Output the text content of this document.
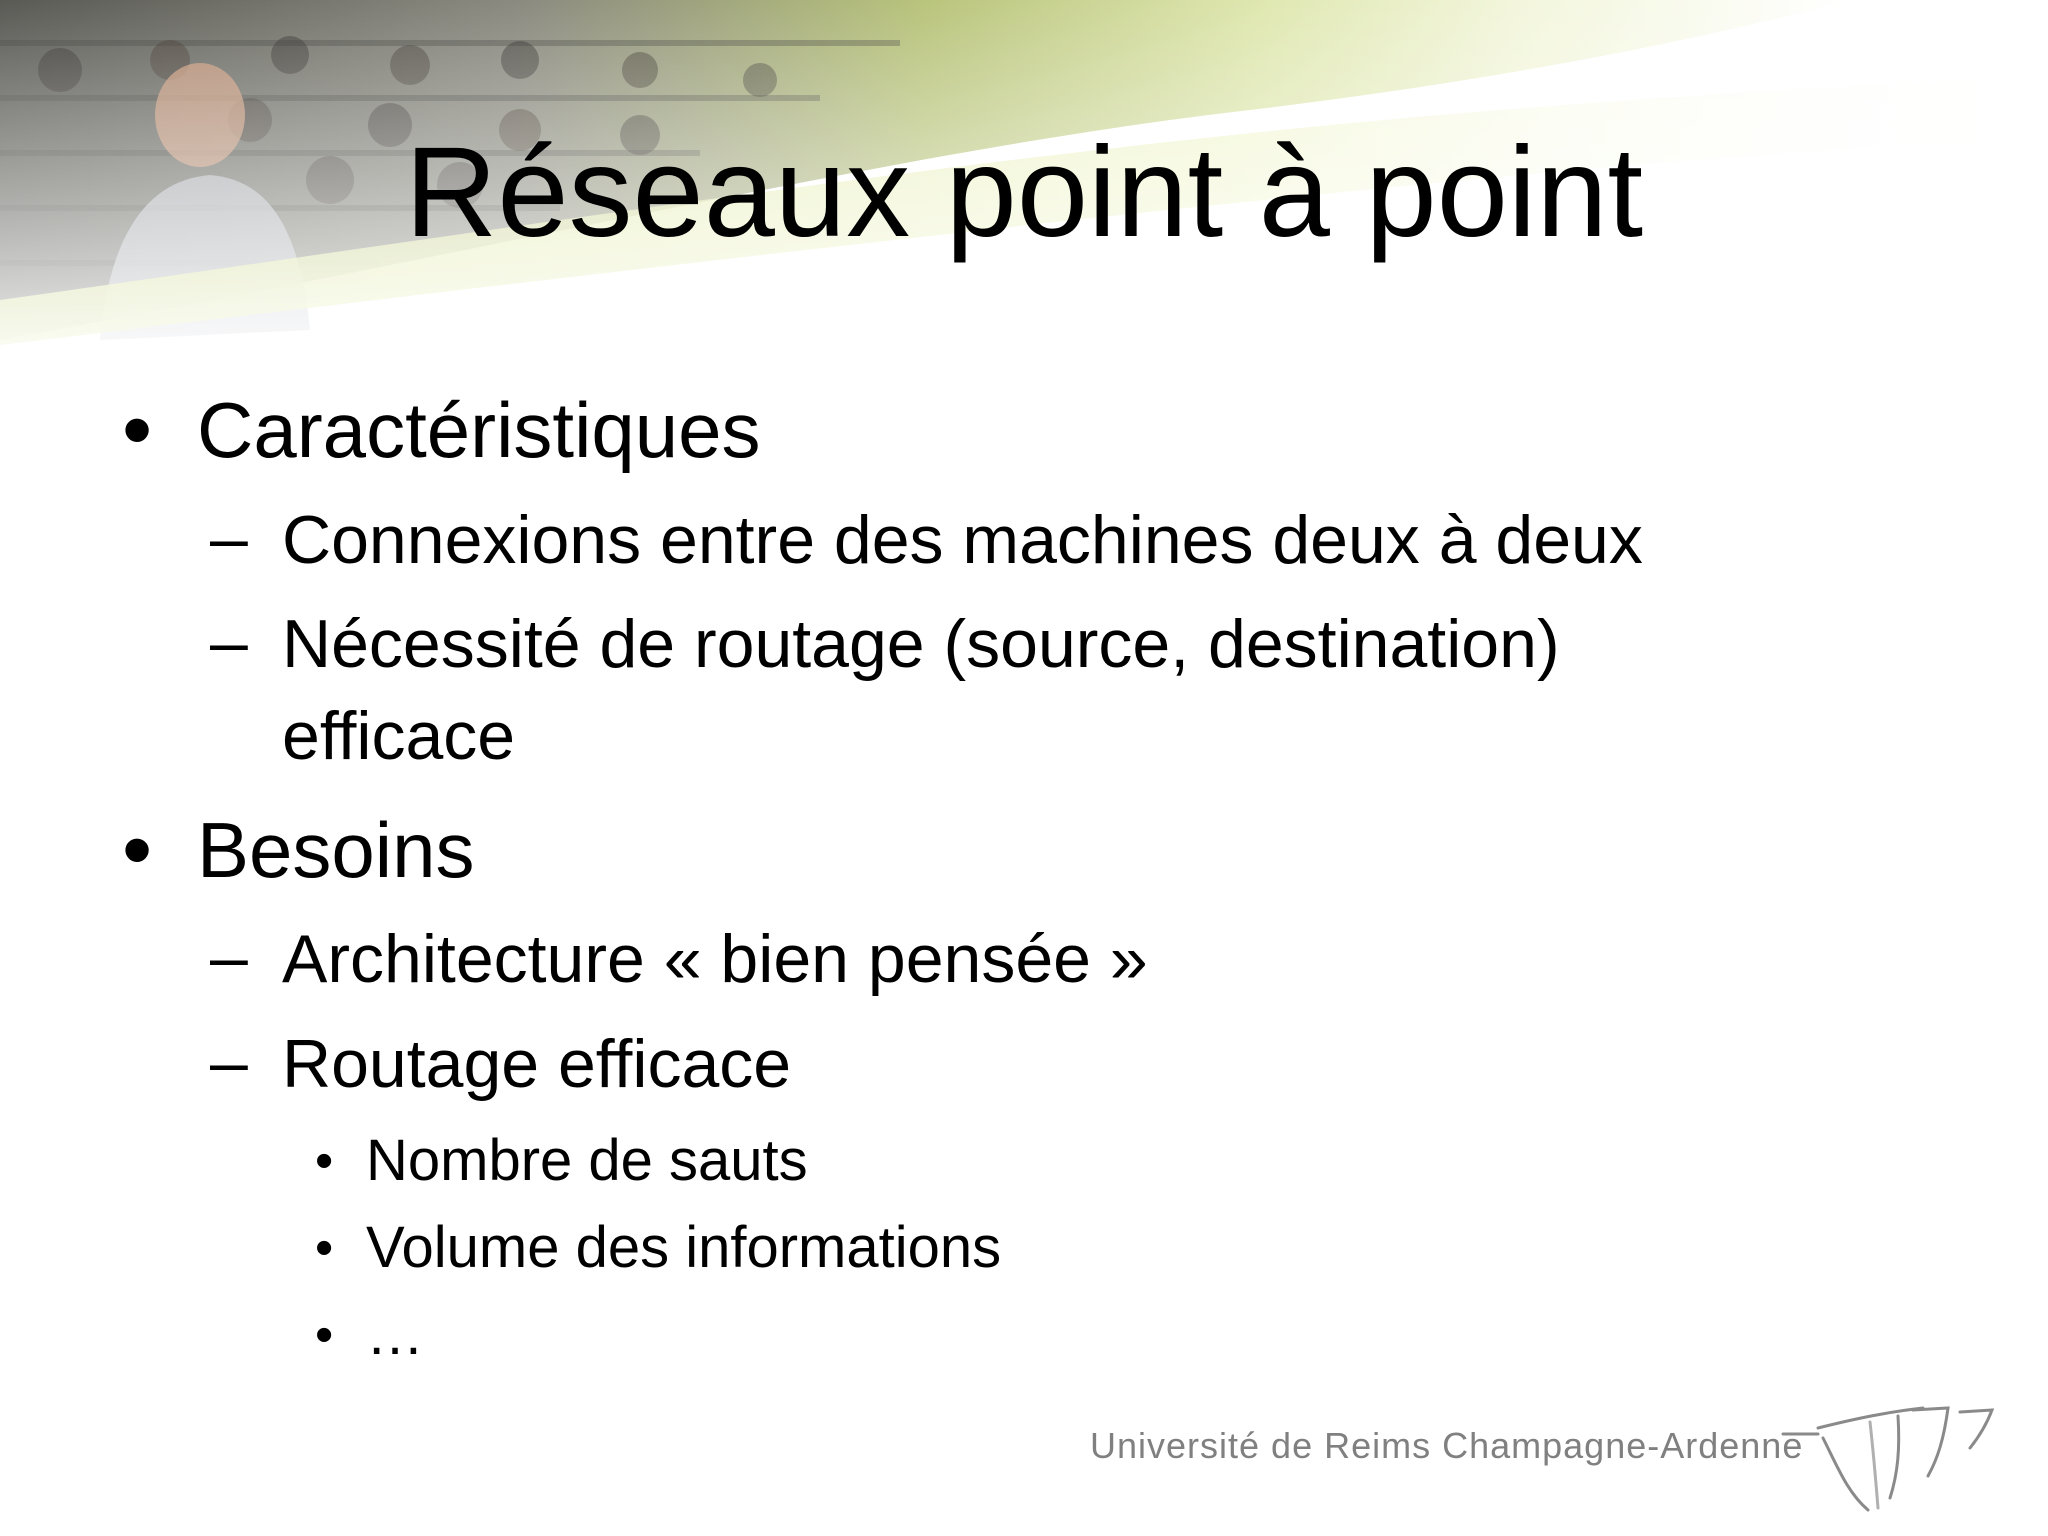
Réseaux point à point
• Caractéristiques
– Connexions entre des machines deux à deux
– Nécessité de routage (source, destination)
efficace
• Besoins
– Architecture « bien pensée »
– Routage efficace
• Nombre de sauts
• Volume des informations
• …
Université de Reims Champagne-Ardenne
